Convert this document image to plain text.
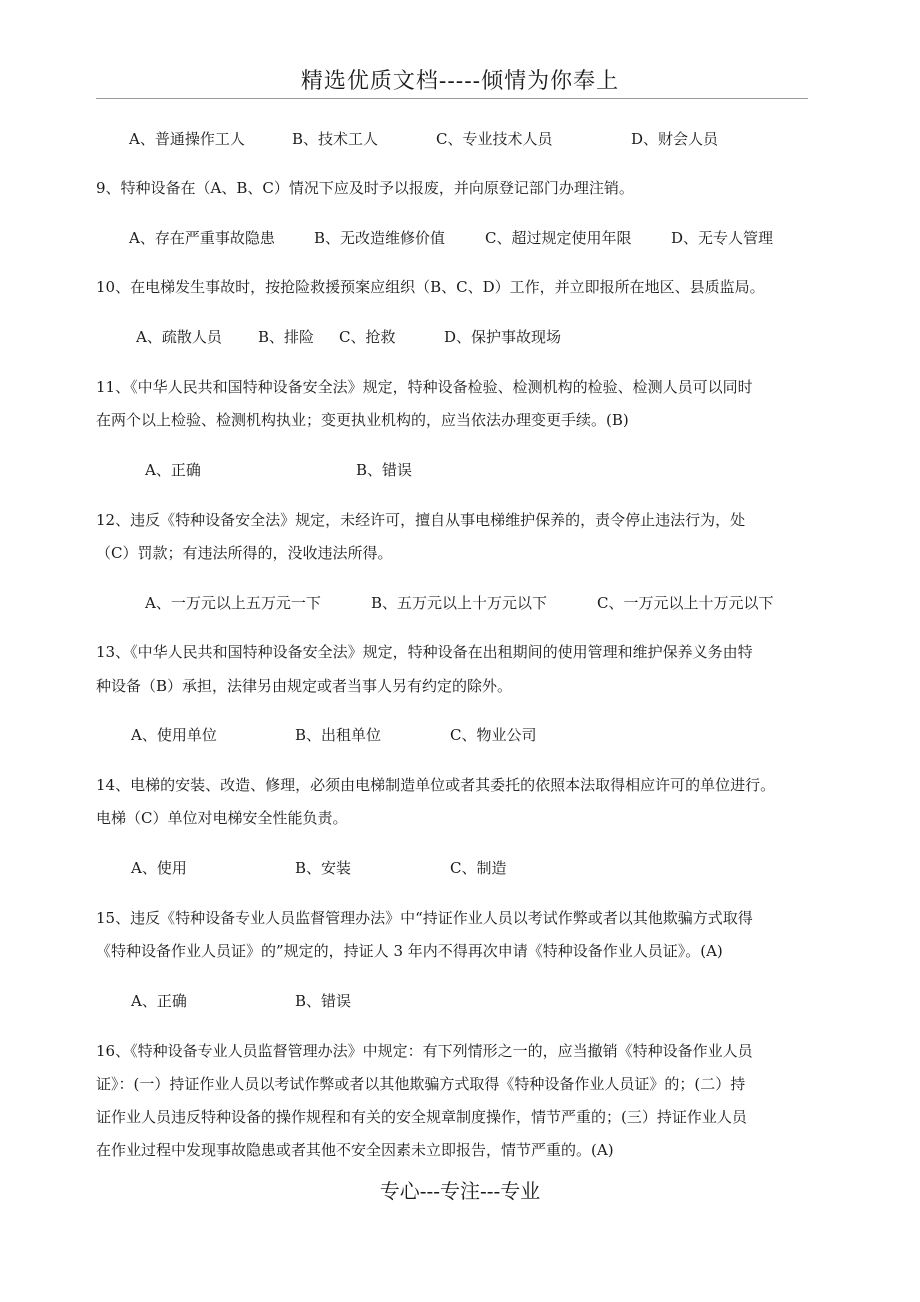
精选优质文档-----倾情为你奉上
A、普通操作工人	B、技术工人	C、专业技术人员	D、财会人员
9、特种设备在（A、B、C）情况下应及时予以报废，并向原登记部门办理注销。
A、存在严重事故隐患	B、无改造维修价值	C、超过规定使用年限	D、无专人管理
10、在电梯发生事故时，按抢险救援预案应组织（B、C、D）工作，并立即报所在地区、县质监局。
A、疏散人员 B、排险 C、抢救	D、保护事故现场
11、《中华人民共和国特种设备安全法》规定，特种设备检验、检测机构的检验、检测人员可以同时
在两个以上检验、检测机构执业；变更执业机构的，应当依法办理变更手续。(B)
A、正确	B、错误
12、违反《特种设备安全法》规定，未经许可，擅自从事电梯维护保养的，责令停止违法行为，处
（C）罚款；有违法所得的，没收违法所得。
A、一万元以上五万元一下	B、五万元以上十万元以下	C、一万元以上十万元以下
13、《中华人民共和国特种设备安全法》规定，特种设备在出租期间的使用管理和维护保养义务由特
种设备（B）承担，法律另由规定或者当事人另有约定的除外。
A、使用单位	B、出租单位	C、物业公司
14、电梯的安装、改造、修理，必须由电梯制造单位或者其委托的依照本法取得相应许可的单位进行。
电梯（C）单位对电梯安全性能负责。
A、使用	B、安装	C、制造
15、违反《特种设备专业人员监督管理办法》中“持证作业人员以考试作弊或者以其他欺骗方式取得
《特种设备作业人员证》的”规定的，持证人 3 年内不得再次申请《特种设备作业人员证》。(A)
A、正确	B、错误
16、《特种设备专业人员监督管理办法》中规定：有下列情形之一的，应当撤销《特种设备作业人员
证》：(一）持证作业人员以考试作弊或者以其他欺骗方式取得《特种设备作业人员证》的；(二）持
证作业人员违反特种设备的操作规程和有关的安全规章制度操作，情节严重的；(三）持证作业人员
在作业过程中发现事故隐患或者其他不安全因素未立即报告，情节严重的。(A)
专心---专注---专业
